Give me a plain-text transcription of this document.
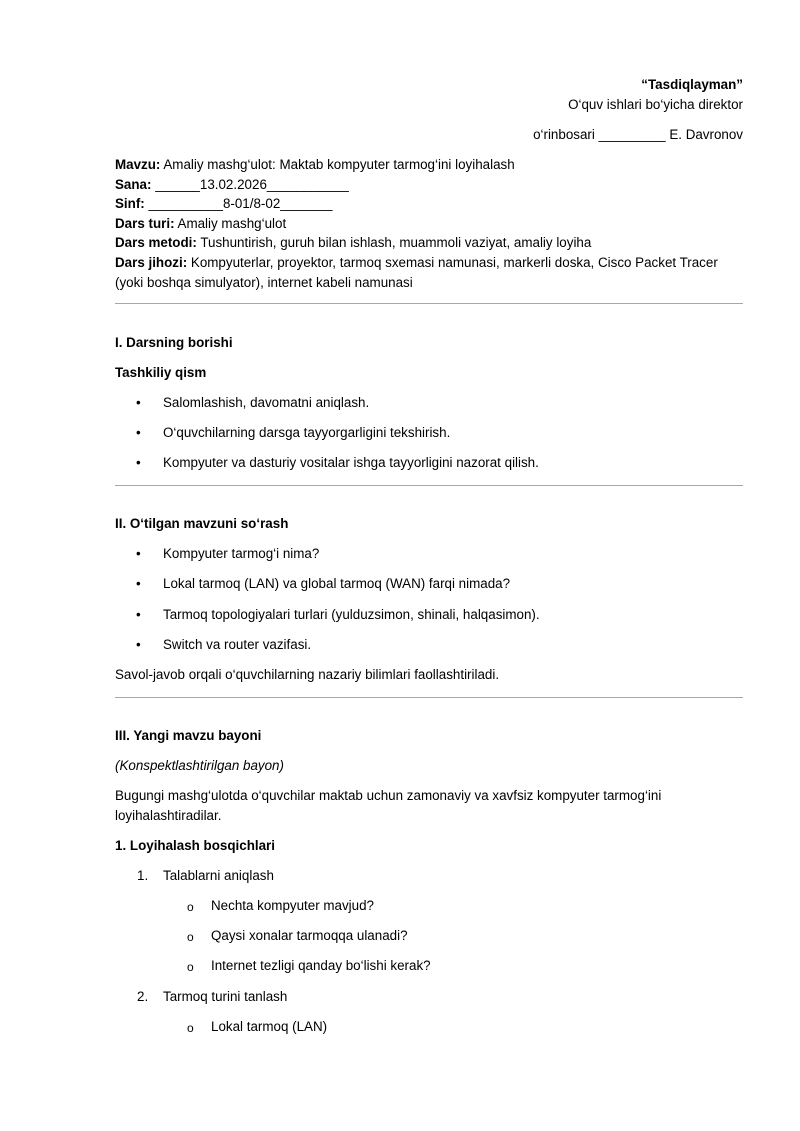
“Tasdiqlayman”
O‘quv ishlari bo‘yicha direktor
o‘rinbosari _________ E. Davronov
Mavzu: Amaliy mashg‘ulot: Maktab kompyuter tarmog‘ini loyihalash
Sana: ______13.02.2026___________
Sinf: __________8-01/8-02_______
Dars turi: Amaliy mashg‘ulot
Dars metodi: Tushuntirish, guruh bilan ishlash, muammoli vaziyat, amaliy loyiha
Dars jihozi: Kompyuterlar, proyektor, tarmoq sxemasi namunasi, markerli doska, Cisco Packet Tracer (yoki boshqa simulyator), internet kabeli namunasi
I. Darsning borishi
Tashkiliy qism
• Salomlashish, davomatni aniqlash.
• O‘quvchilarning darsga tayyorgarligini tekshirish.
• Kompyuter va dasturiy vositalar ishga tayyorligini nazorat qilish.
II. O‘tilgan mavzuni so‘rash
• Kompyuter tarmog‘i nima?
• Lokal tarmoq (LAN) va global tarmoq (WAN) farqi nimada?
• Tarmoq topologiyalari turlari (yulduzsimon, shinali, halqasimon).
• Switch va router vazifasi.
Savol-javob orqali o‘quvchilarning nazariy bilimlari faollashtiriladi.
III. Yangi mavzu bayoni
(Konspektlashtirilgan bayon)
Bugungi mashg‘ulotda o‘quvchilar maktab uchun zamonaviy va xavfsiz kompyuter tarmog‘ini loyihalashtiradilar.
1. Loyihalash bosqichlari
1. Talablarni aniqlash
o Nechta kompyuter mavjud?
o Qaysi xonalar tarmoqqa ulanadi?
o Internet tezligi qanday bo‘lishi kerak?
2. Tarmoq turini tanlash
o Lokal tarmoq (LAN)
